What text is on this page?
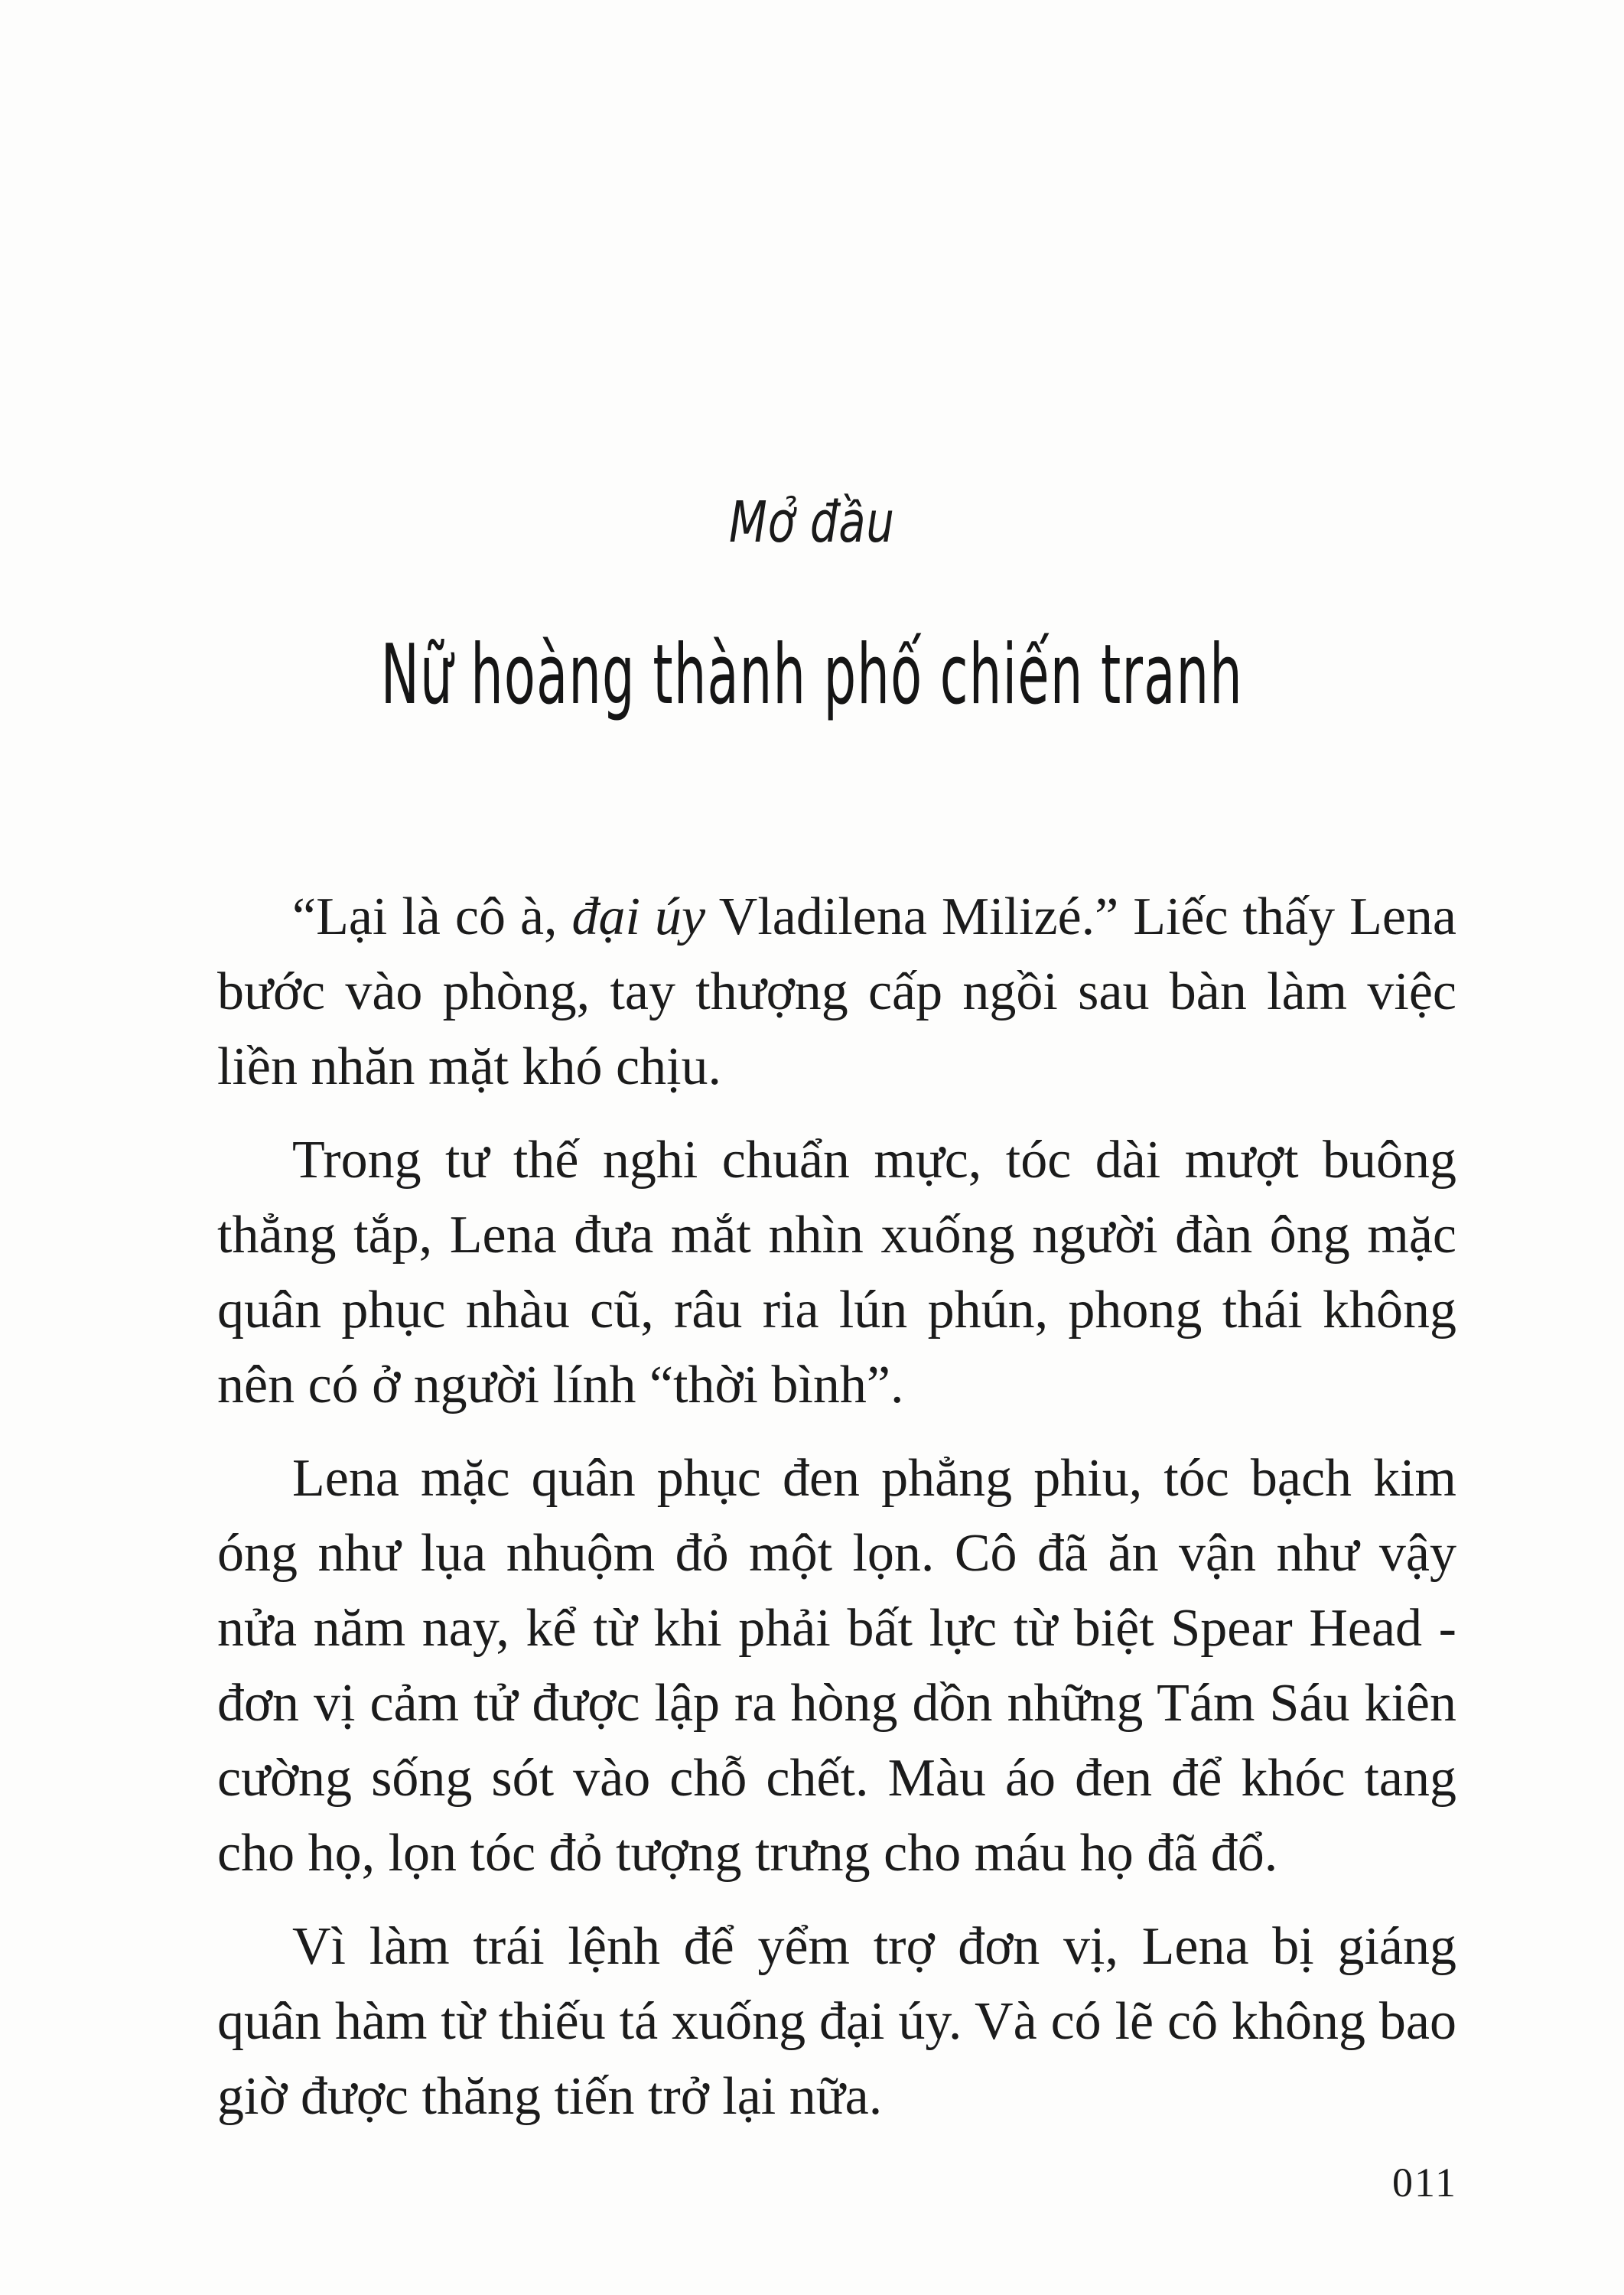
Mở đầu
Nữ hoàng thành phố chiến tranh

“Lại là cô à, đại úy Vladilena Milizé.” Liếc thấy Lena bước vào phòng, tay thượng cấp ngồi sau bàn làm việc liền nhăn mặt khó chịu.

Trong tư thế nghi chuẩn mực, tóc dài mượt buông thẳng tắp, Lena đưa mắt nhìn xuống người đàn ông mặc quân phục nhàu cũ, râu ria lún phún, phong thái không nên có ở người lính “thời bình”.

Lena mặc quân phục đen phẳng phiu, tóc bạch kim óng như lụa nhuộm đỏ một lọn. Cô đã ăn vận như vậy nửa năm nay, kể từ khi phải bất lực từ biệt Spear Head - đơn vị cảm tử được lập ra hòng dồn những Tám Sáu kiên cường sống sót vào chỗ chết. Màu áo đen để khóc tang cho họ, lọn tóc đỏ tượng trưng cho máu họ đã đổ.

Vì làm trái lệnh để yểm trợ đơn vị, Lena bị giáng quân hàm từ thiếu tá xuống đại úy. Và có lẽ cô không bao giờ được thăng tiến trở lại nữa.

011
